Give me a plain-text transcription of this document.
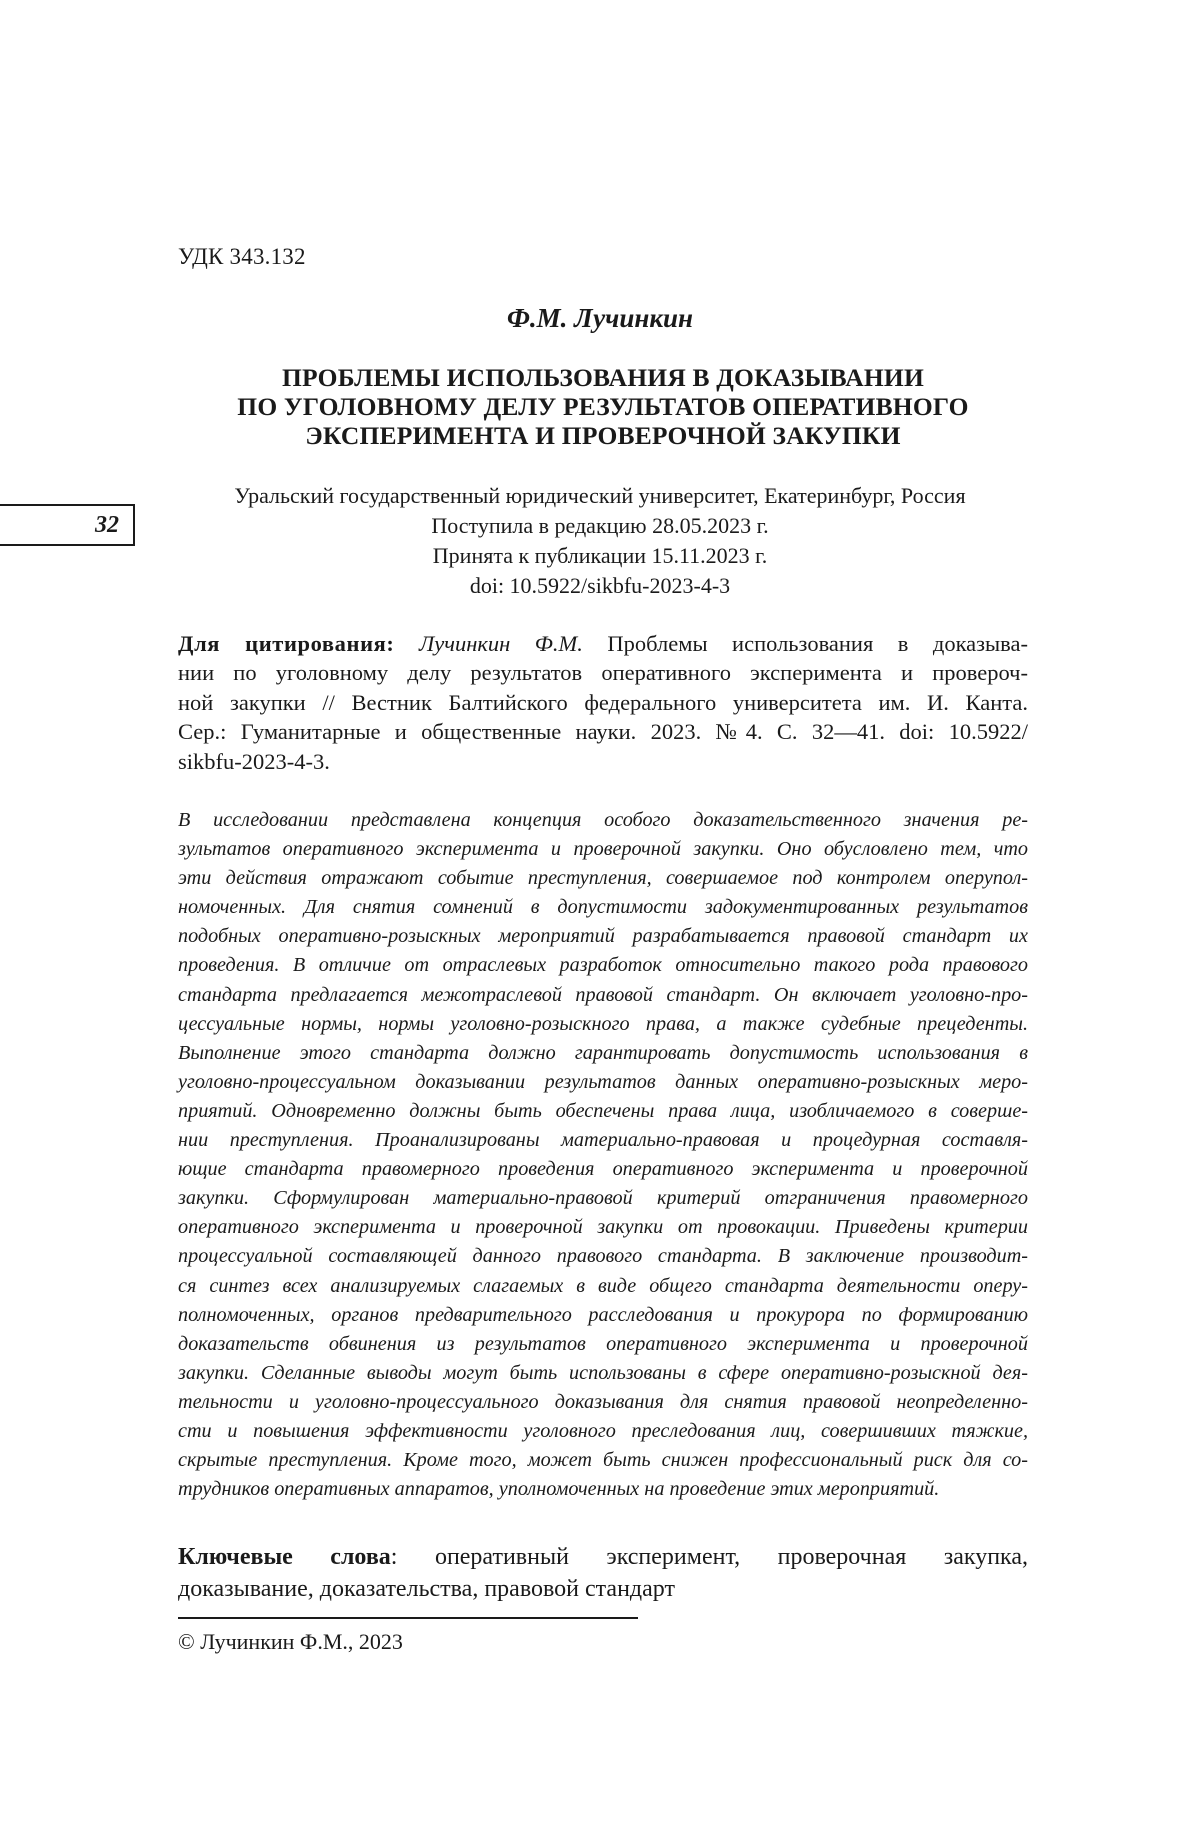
УДК 343.132
Ф.М. Лучинкин
ПРОБЛЕМЫ ИСПОЛЬЗОВАНИЯ В ДОКАЗЫВАНИИ
ПО УГОЛОВНОМУ ДЕЛУ РЕЗУЛЬТАТОВ ОПЕРАТИВНОГО
ЭКСПЕРИМЕНТА И ПРОВЕРОЧНОЙ ЗАКУПКИ
32
Уральский государственный юридический университет, Екатеринбург, Россия
Поступила в редакцию 28.05.2023 г.
Принята к публикации 15.11.2023 г.
doi: 10.5922/sikbfu-2023-4-3
Для цитирования: Лучинкин Ф.М. Проблемы использования в доказыва-
нии по уголовному делу результатов оперативного эксперимента и провероч-
ной закупки // Вестник Балтийского федерального университета им. И. Канта.
Сер.: Гуманитарные и общественные науки. 2023. №4. С. 32—41. doi: 10.5922/
sikbfu-2023-4-3.
В исследовании представлена концепция особого доказательственного значения ре-
зультатов оперативного эксперимента и проверочной закупки. Оно обусловлено тем, что
эти действия отражают событие преступления, совершаемое под контролем оперупол-
номоченных. Для снятия сомнений в допустимости задокументированных результатов
подобных оперативно-розыскных мероприятий разрабатывается правовой стандарт их
проведения. В отличие от отраслевых разработок относительно такого рода правового
стандарта предлагается межотраслевой правовой стандарт. Он включает уголовно-про-
цессуальные нормы, нормы уголовно-розыскного права, а также судебные прецеденты.
Выполнение этого стандарта должно гарантировать допустимость использования в
уголовно-процессуальном доказывании результатов данных оперативно-розыскных меро-
приятий. Одновременно должны быть обеспечены права лица, изобличаемого в соверше-
нии преступления. Проанализированы материально-правовая и процедурная составля-
ющие стандарта правомерного проведения оперативного эксперимента и проверочной
закупки. Сформулирован материально-правовой критерий отграничения правомерного
оперативного эксперимента и проверочной закупки от провокации. Приведены критерии
процессуальной составляющей данного правового стандарта. В заключение производит-
ся синтез всех анализируемых слагаемых в виде общего стандарта деятельности оперу-
полномоченных, органов предварительного расследования и прокурора по формированию
доказательств обвинения из результатов оперативного эксперимента и проверочной
закупки. Сделанные выводы могут быть использованы в сфере оперативно-розыскной дея-
тельности и уголовно-процессуального доказывания для снятия правовой неопределенно-
сти и повышения эффективности уголовного преследования лиц, совершивших тяжкие,
скрытые преступления. Кроме того, может быть снижен профессиональный риск для со-
трудников оперативных аппаратов, уполномоченных на проведение этих мероприятий.
Ключевые слова: оперативный эксперимент, проверочная закупка,
доказывание, доказательства, правовой стандарт
© Лучинкин Ф.М., 2023
